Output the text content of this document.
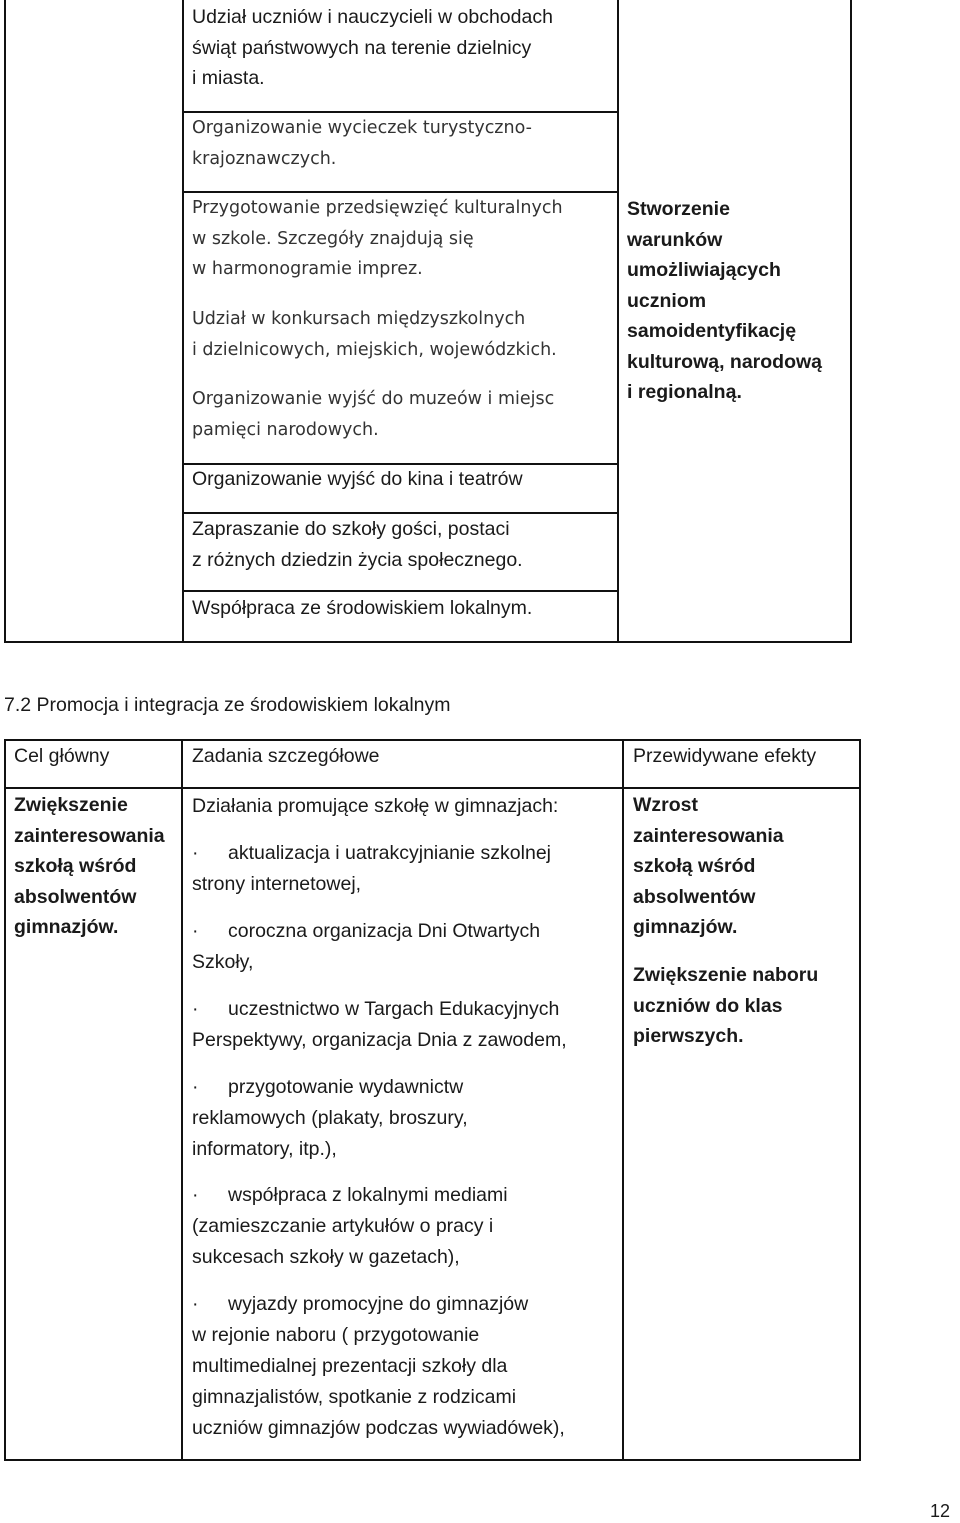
Udział uczniów i nauczycieli w obchodach
świąt państwowych na terenie dzielnicy
i miasta.
Organizowanie wycieczek turystyczno-
krajoznawczych.
Przygotowanie przedsięwzięć kulturalnych
w szkole. Szczegóły znajdują się
w harmonogramie imprez.
Udział w konkursach międzyszkolnych
i dzielnicowych, miejskich, wojewódzkich.
Organizowanie wyjść do muzeów i miejsc
pamięci narodowych.
Organizowanie wyjść do kina i teatrów
Zapraszanie do szkoły gości, postaci
z różnych dziedzin życia społecznego.
Współpraca ze środowiskiem lokalnym.
Stworzenie
warunków
umożliwiających
uczniom
samoidentyfikację
kulturową, narodową
i regionalną.
7.2 Promocja i integracja ze środowiskiem lokalnym
Cel główny	Zadania szczegółowe	Przewidywane efekty
Zwiększenie
zainteresowania
szkołą wśród
absolwentów
gimnazjów.
Działania promujące szkołę w gimnazjach:
· aktualizacja i uatrakcyjnianie szkolnej
strony internetowej,
· coroczna organizacja Dni Otwartych
Szkoły,
· uczestnictwo w Targach Edukacyjnych
Perspektywy, organizacja Dnia z zawodem,
· przygotowanie wydawnictw
reklamowych (plakaty, broszury,
informatory, itp.),
· współpraca z lokalnymi mediami
(zamieszczanie artykułów o pracy i
sukcesach szkoły w gazetach),
· wyjazdy promocyjne do gimnazjów
w rejonie naboru ( przygotowanie
multimedialnej prezentacji szkoły dla
gimnazjalistów, spotkanie z rodzicami
uczniów gimnazjów podczas wywiadówek),
Wzrost
zainteresowania
szkołą wśród
absolwentów
gimnazjów.
Zwiększenie naboru
uczniów do klas
pierwszych.
12
